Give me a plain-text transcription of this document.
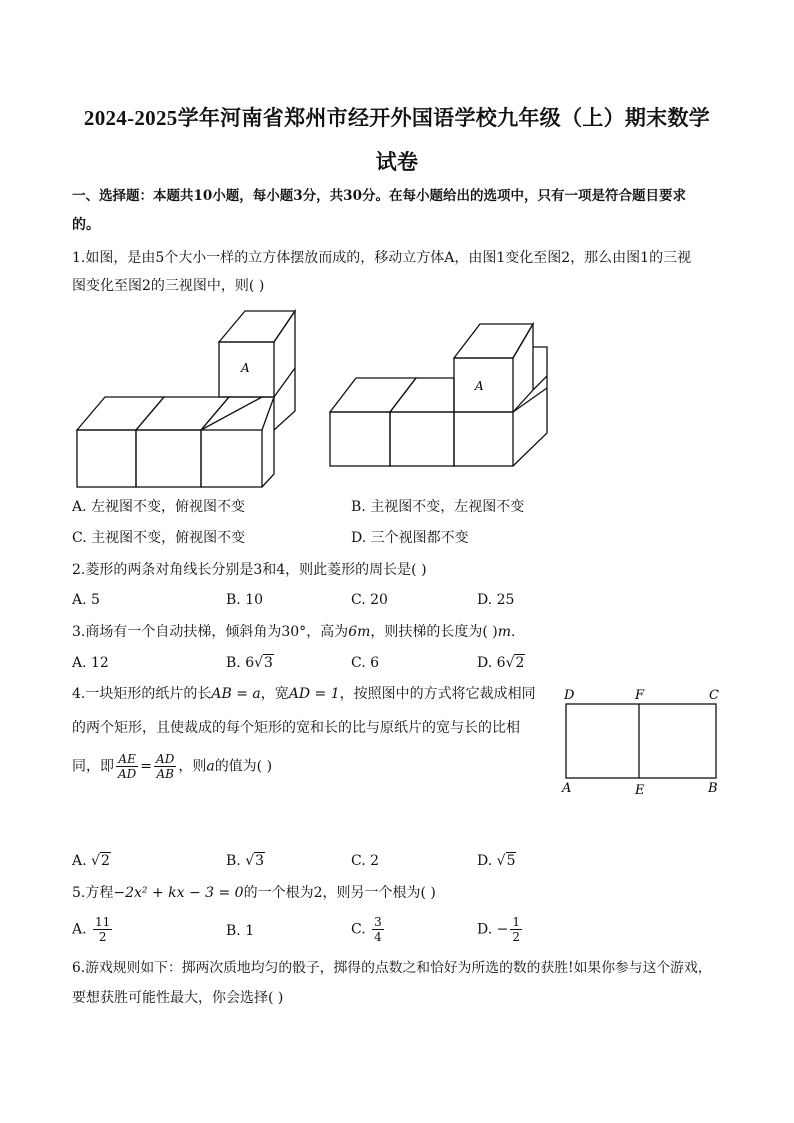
2024-2025学年河南省郑州市经开外国语学校九年级（上）期末数学
试卷
一、选择题：本题共10小题，每小题3分，共30分。在每小题给出的选项中，只有一项是符合题目要求
的。
1.如图，是由5个大小一样的立方体摆放而成的，移动立方体A，由图1变化至图2，那么由图1的三视
图变化至图2的三视图中，则( )
A
A
D	F	C
A	E	B
A. 左视图不变，俯视图不变	B. 主视图不变，左视图不变
C. 主视图不变，俯视图不变	D. 三个视图都不变
2.菱形的两条对角线长分别是3和4，则此菱形的周长是( )
A. 5	B. 10	C. 20	D. 25
3.商场有一个自动扶梯，倾斜角为30°，高为6m，则扶梯的长度为( )m.
A. 12	B. 6√3	C. 6	D. 6√2
4.一块矩形的纸片的长AB = a，宽AD = 1，按照图中的方式将它裁成相同
的两个矩形，且使裁成的每个矩形的宽和长的比与原纸片的宽与长的比相
同，即 $\frac{AE}{AD} = \frac{AD}{AB}$ ，则a的值为( )
A. √2	B. √3	C. 2	D. √5
5.方程−2x² + kx − 3 = 0的一个根为2，则另一个根为( )
A. $\frac{11}{2}$	B. 1	C. $\frac{3}{4}$	D. − $\frac{1}{2}$
6.游戏规则如下：掷两次质地均匀的骰子，掷得的点数之和恰好为所选的数的获胜!如果你参与这个游戏，
要想获胜可能性最大，你会选择( )
